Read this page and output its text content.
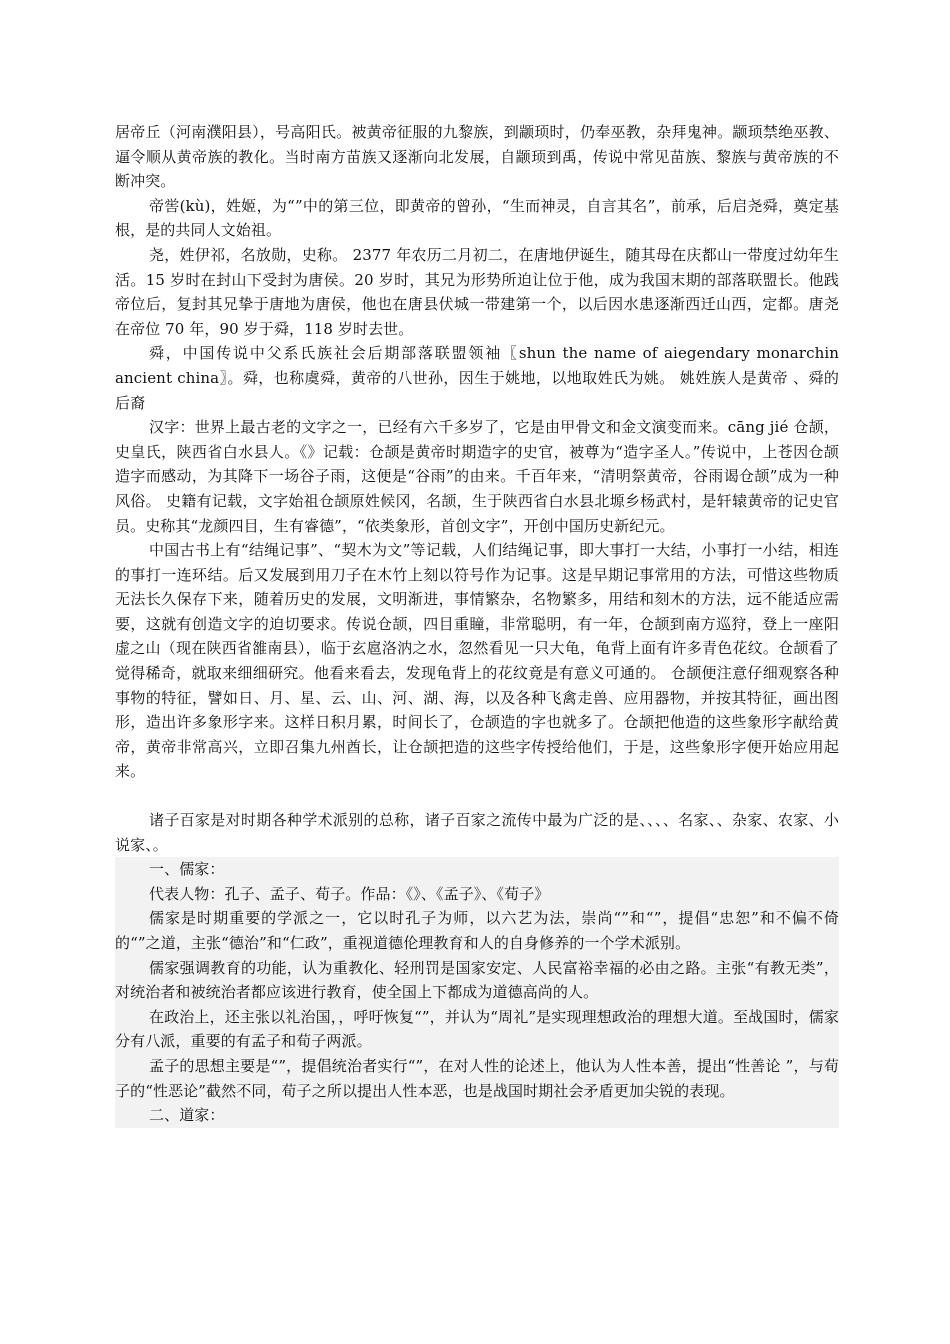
居帝丘（河南濮阳县），号高阳氏。被黄帝征服的九黎族，到颛顼时，仍奉巫教，杂拜鬼神。颛顼禁绝巫教、逼令顺从黄帝族的教化。当时南方苗族又逐渐向北发展，自颛顼到禹，传说中常见苗族、黎族与黄帝族的不断冲突。

帝喾(kù)，姓姬，为“”中的第三位，即黄帝的曾孙，“生而神灵，自言其名”，前承，后启尧舜，奠定基根，是的共同人文始祖。

尧，姓伊祁，名放勋，史称。 2377 年农历二月初二，在唐地伊诞生，随其母在庆都山一带度过幼年生活。15 岁时在封山下受封为唐侯。20 岁时，其兄为形势所迫让位于他，成为我国末期的部落联盟长。他践帝位后，复封其兄挚于唐地为唐侯，他也在唐县伏城一带建第一个，以后因水患逐渐西迁山西，定都。唐尧在帝位 70 年，90 岁于舜，118 岁时去世。

舜，中国传说中父系氏族社会后期部落联盟领袖〖shun the name of aiegendary monarchin ancient china〗。舜，也称虞舜，黄帝的八世孙，因生于姚地，以地取姓氏为姚。 姚姓族人是黄帝 、舜的后裔

汉字：世界上最古老的文字之一，已经有六千多岁了，它是由甲骨文和金文演变而来。cāng jié 仓颉，史皇氏，陕西省白水县人。《》记载：仓颉是黄帝时期造字的史官，被尊为“造字圣人。”传说中，上苍因仓颉造字而感动，为其降下一场谷子雨，这便是“谷雨”的由来。千百年来，“清明祭黄帝，谷雨谒仓颉”成为一种风俗。 史籍有记载，文字始祖仓颉原姓候冈，名颉，生于陕西省白水县北塬乡杨武村，是轩辕黄帝的记史官员。史称其“龙颜四目，生有睿德”，“依类象形，首创文字”，开创中国历史新纪元。

中国古书上有“结绳记事”、“契木为文”等记载，人们结绳记事，即大事打一大结，小事打一小结，相连的事打一连环结。后又发展到用刀子在木竹上刻以符号作为记事。这是早期记事常用的方法，可惜这些物质无法长久保存下来，随着历史的发展，文明渐进，事情繁杂，名物繁多，用结和刻木的方法，远不能适应需要，这就有创造文字的迫切要求。传说仓颉，四目重瞳，非常聪明，有一年，仓颉到南方巡狩，登上一座阳虚之山（现在陕西省雒南县），临于玄扈洛汭之水，忽然看见一只大龟，龟背上面有许多青色花纹。仓颉看了觉得稀奇，就取来细细研究。他看来看去，发现龟背上的花纹竟是有意义可通的。 仓颉便注意仔细观察各种事物的特征，譬如日、月、星、云、山、河、湖、海，以及各种飞禽走兽、应用器物，并按其特征，画出图形，造出许多象形字来。这样日积月累，时间长了，仓颉造的字也就多了。仓颉把他造的这些象形字献给黄帝，黄帝非常高兴，立即召集九州酋长，让仓颉把造的这些字传授给他们，于是，这些象形字便开始应用起来。

诸子百家是对时期各种学术派别的总称，诸子百家之流传中最为广泛的是、、、、名家、、杂家、农家、小说家、。

一、儒家：

代表人物：孔子、孟子、荀子。作品：《》、《孟子》、《荀子》

儒家是时期重要的学派之一，它以时孔子为师，以六艺为法，崇尚“”和“”，提倡“忠恕”和不偏不倚的“”之道，主张“德治”和“仁政”，重视道德伦理教育和人的自身修养的一个学术派别。

儒家强调教育的功能，认为重教化、轻刑罚是国家安定、人民富裕幸福的必由之路。主张“有教无类”，对统治者和被统治者都应该进行教育，使全国上下都成为道德高尚的人。

在政治上，还主张以礼治国，，呼吁恢复“”，并认为“周礼”是实现理想政治的理想大道。至战国时，儒家分有八派，重要的有孟子和荀子两派。

孟子的思想主要是“”，提倡统治者实行“”，在对人性的论述上，他认为人性本善，提出“性善论 ”，与荀子的“性恶论”截然不同，荀子之所以提出人性本恶，也是战国时期社会矛盾更加尖锐的表现。

二、道家：
